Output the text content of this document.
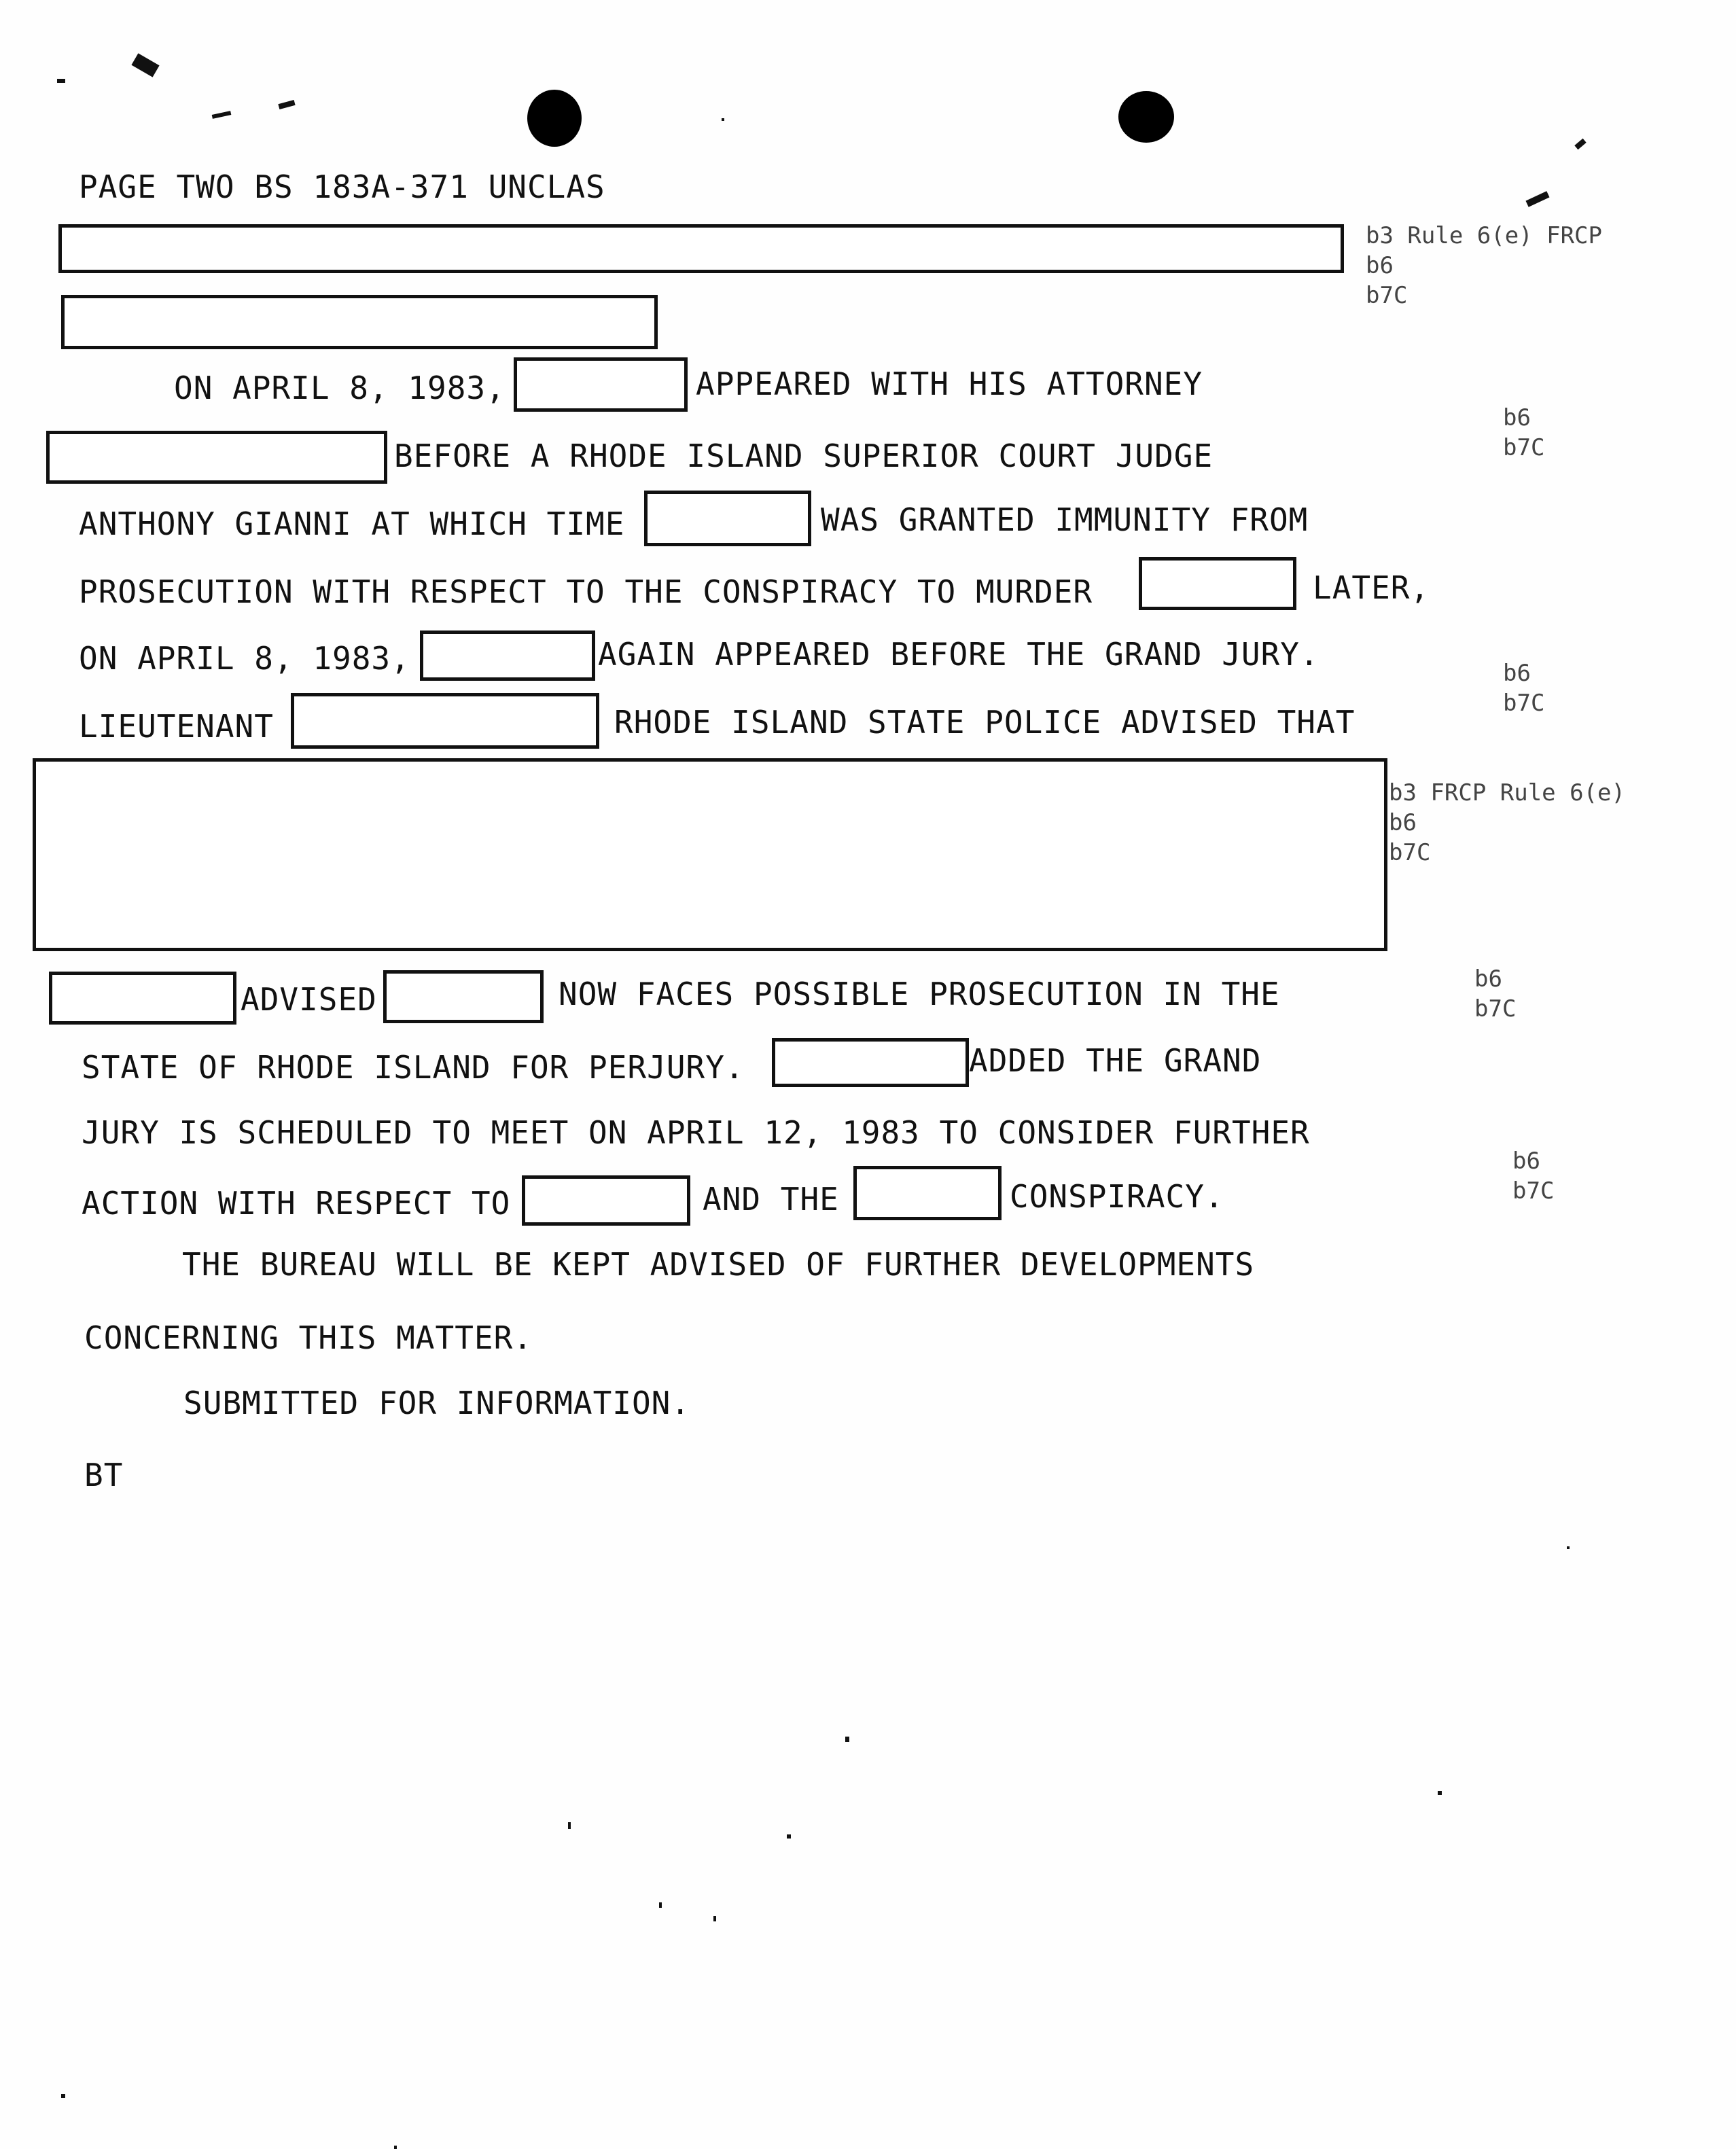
PAGE TWO BS 183A-371 UNCLAS
b3 Rule 6(e) FRCP
b6
b7C
ON APRIL 8, 1983,	APPEARED WITH HIS ATTORNEY
BEFORE A RHODE ISLAND SUPERIOR COURT JUDGE
b6
b7C
ANTHONY GIANNI AT WHICH TIME	WAS GRANTED IMMUNITY FROM
PROSECUTION WITH RESPECT TO THE CONSPIRACY TO MURDER	LATER,
ON APRIL 8, 1983,	AGAIN APPEARED BEFORE THE GRAND JURY.
LIEUTENANT	RHODE ISLAND STATE POLICE ADVISED THAT
b6
b7C
b3 FRCP Rule 6(e)
b6
b7C
ADVISED	NOW FACES POSSIBLE PROSECUTION IN THE	b6
b7C
STATE OF RHODE ISLAND FOR PERJURY.	ADDED THE GRAND
JURY IS SCHEDULED TO MEET ON APRIL 12, 1983 TO CONSIDER FURTHER
ACTION WITH RESPECT TO	AND THE	CONSPIRACY.
b6
b7C
THE BUREAU WILL BE KEPT ADVISED OF FURTHER DEVELOPMENTS
CONCERNING THIS MATTER.
SUBMITTED FOR INFORMATION.
BT
